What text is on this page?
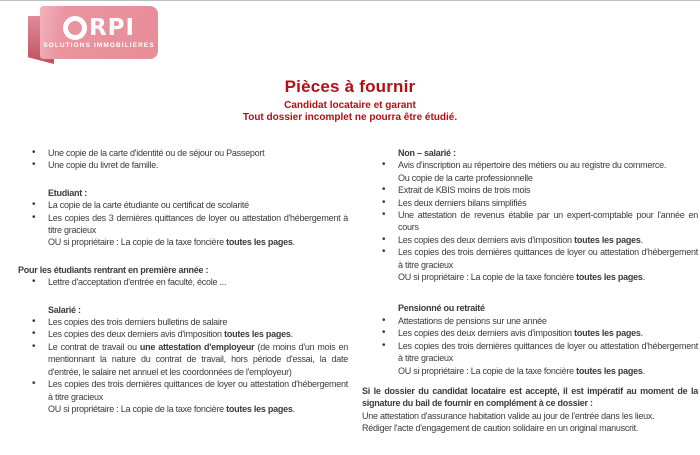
RPI
SOLUTIONS IMMOBILIERES
Pièces à fournir
Candidat locataire et garant
Tout dossier incomplet ne pourra être étudié.
• Une copie de la carte d'identité ou de séjour ou Passeport
• Une copie du livret de famille.
Etudiant :
• La copie de la carte étudiante ou certificat de scolarité
• Les copies des 3 dernières quittances de loyer ou attestation d'hébergement à titre gracieux
OU si propriétaire : La copie de la taxe foncière toutes les pages.
Pour les étudiants rentrant en première année :
• Lettre d'acceptation d'entrée en faculté, école ...
Salarié :
• Les copies des trois derniers bulletins de salaire
• Les copies des deux derniers avis d'imposition toutes les pages.
• Le contrat de travail ou une attestation d'employeur (de moins d'un mois en mentionnant la nature du contrat de travail, hors période d'essai, la date d'entrée, le salaire net annuel et les coordonnées de l'employeur)
• Les copies des trois dernières quittances de loyer ou attestation d'hébergement à titre gracieux
OU si propriétaire : La copie de la taxe foncière toutes les pages.
Non – salarié :
• Avis d'inscription au répertoire des métiers ou au registre du commerce.
Ou copie de la carte professionnelle
• Extrait de KBIS moins de trois mois
• Les deux derniers bilans simplifiés
• Une attestation de revenus établie par un expert-comptable pour l'année en cours
• Les copies des deux derniers avis d'imposition toutes les pages.
• Les copies des trois dernières quittances de loyer ou attestation d'hébergement à titre gracieux
OU si propriétaire : La copie de la taxe foncière toutes les pages.
Pensionné ou retraité
• Attestations de pensions sur une année
• Les copies des deux derniers avis d'imposition toutes les pages.
• Les copies des trois dernières quittances de loyer ou attestation d'hébergement à titre gracieux
OU si propriétaire : La copie de la taxe foncière toutes les pages.
Si le dossier du candidat locataire est accepté, il est impératif au moment de la signature du bail de fournir en complément à ce dossier :
Une attestation d'assurance habitation valide au jour de l'entrée dans les lieux.
Rédiger l'acte d'engagement de caution solidaire en un original manuscrit.
